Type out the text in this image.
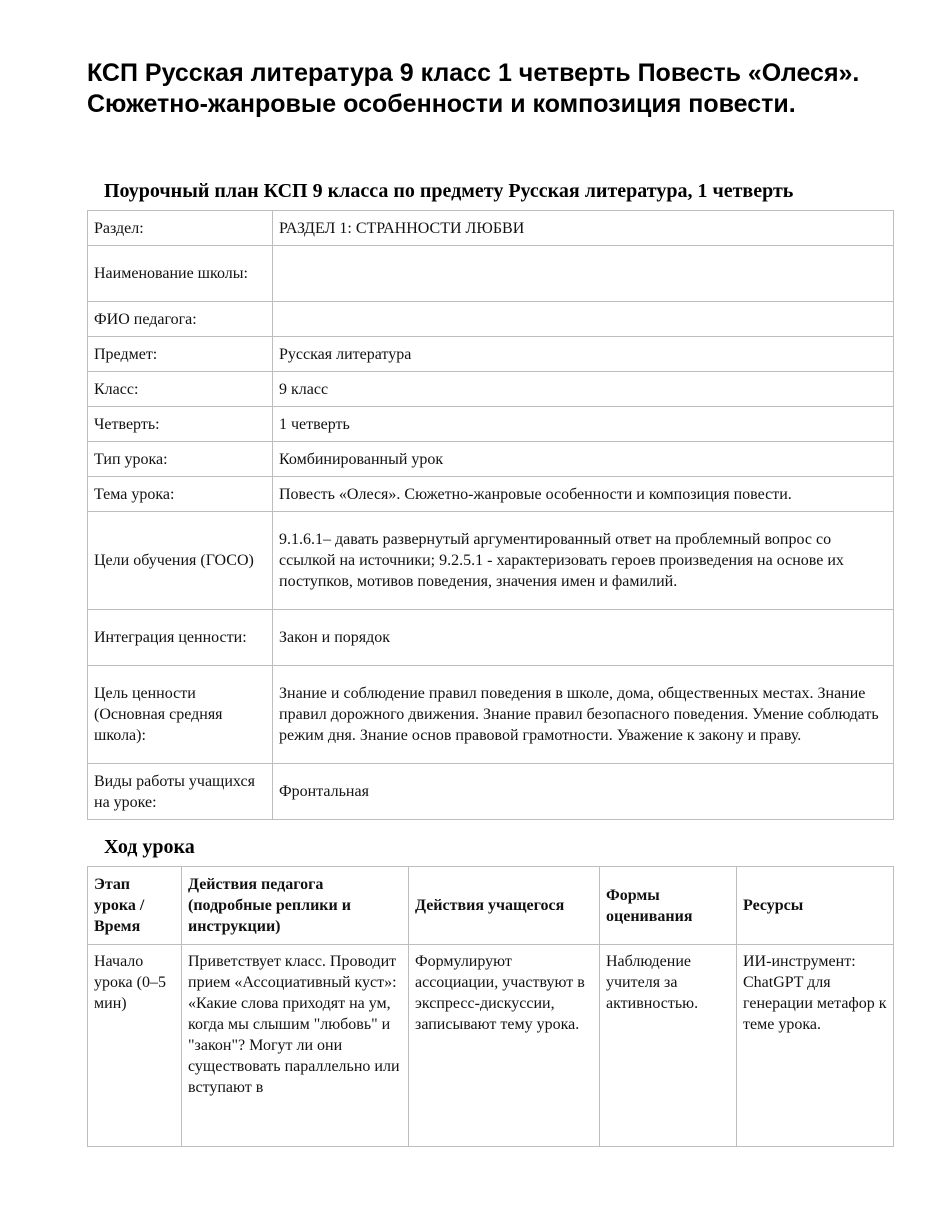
КСП Русская литература 9 класс 1 четверть Повесть «Олеся». Сюжетно-жанровые особенности и композиция повести.
Поурочный план КСП 9 класса по предмету Русская литература, 1 четверть
Раздел:	РАЗДЕЛ 1: СТРАННОСТИ ЛЮБВИ
Наименование школы:	
ФИО педагога:	
Предмет:	Русская литература
Класс:	9 класс
Четверть:	1 четверть
Тип урока:	Комбинированный урок
Тема урока:	Повесть «Олеся». Сюжетно-жанровые особенности и композиция повести.
Цели обучения (ГОСО)	9.1.6.1– давать развернутый аргументированный ответ на проблемный вопрос со ссылкой на источники; 9.2.5.1 - характеризовать героев произведения на основе их поступков, мотивов поведения, значения имен и фамилий.
Интеграция ценности:	Закон и порядок
Цель ценности (Основная средняя школа):	Знание и соблюдение правил поведения в школе, дома, общественных местах. Знание правил дорожного движения. Знание правил безопасного поведения. Умение соблюдать режим дня. Знание основ правовой грамотности. Уважение к закону и праву.
Виды работы учащихся на уроке:	Фронтальная
Ход урока
Этап урока / Время	Действия педагога (подробные реплики и инструкции)	Действия учащегося	Формы оценивания	Ресурсы
Начало урока (0–5 мин)	Приветствует класс. Проводит прием «Ассоциативный куст»: «Какие слова приходят на ум, когда мы слышим "любовь" и "закон"? Могут ли они существовать параллельно или вступают в	Формулируют ассоциации, участвуют в экспресс-дискуссии, записывают тему урока.	Наблюдение учителя за активностью.	ИИ-инструмент: ChatGPT для генерации метафор к теме урока.
